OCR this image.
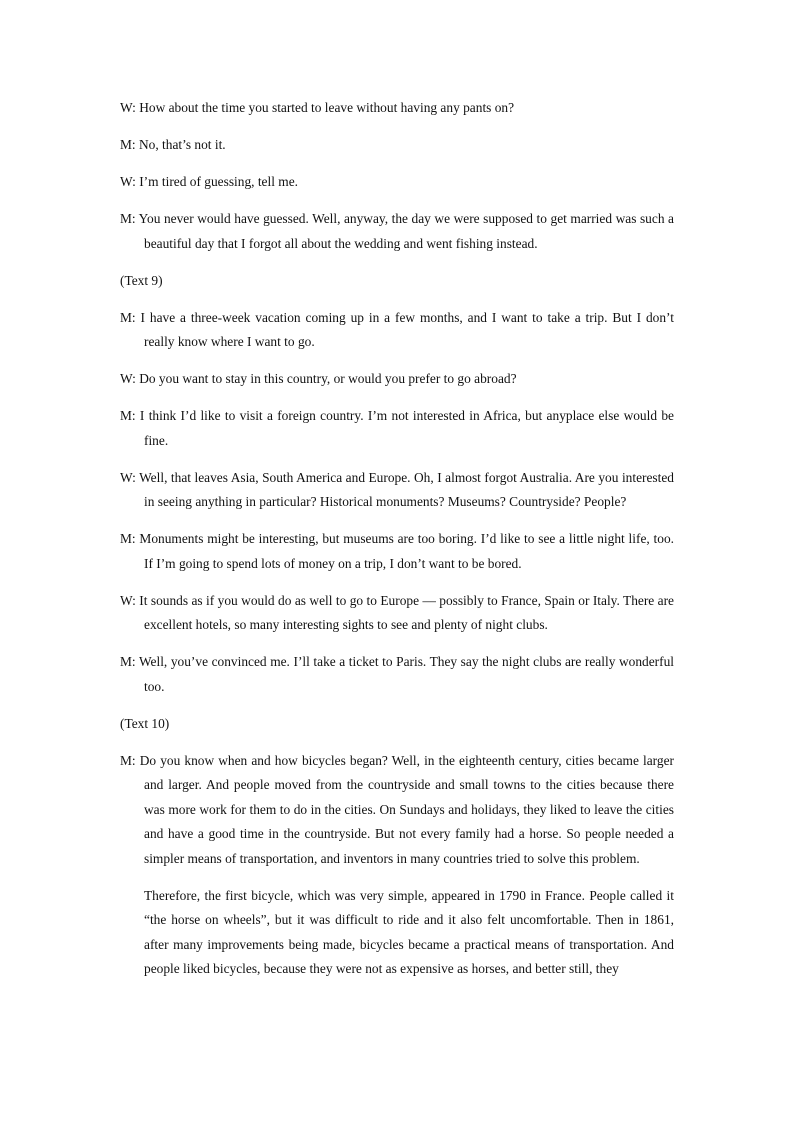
W: How about the time you started to leave without having any pants on?

M: No, that’s not it.

W: I’m tired of guessing, tell me.

M: You never would have guessed. Well, anyway, the day we were supposed to get married was such a beautiful day that I forgot all about the wedding and went fishing instead.

(Text 9)

M: I have a three-week vacation coming up in a few months, and I want to take a trip. But I don’t really know where I want to go.

W: Do you want to stay in this country, or would you prefer to go abroad?

M: I think I’d like to visit a foreign country. I’m not interested in Africa, but anyplace else would be fine.

W: Well, that leaves Asia, South America and Europe. Oh, I almost forgot Australia. Are you interested in seeing anything in particular? Historical monuments? Museums? Countryside? People?

M: Monuments might be interesting, but museums are too boring. I’d like to see a little night life, too. If I’m going to spend lots of money on a trip, I don’t want to be bored.

W: It sounds as if you would do as well to go to Europe — possibly to France, Spain or Italy. There are excellent hotels, so many interesting sights to see and plenty of night clubs.

M: Well, you’ve convinced me. I’ll take a ticket to Paris. They say the night clubs are really wonderful too.

(Text 10)

M: Do you know when and how bicycles began? Well, in the eighteenth century, cities became larger and larger. And people moved from the countryside and small towns to the cities because there was more work for them to do in the cities. On Sundays and holidays, they liked to leave the cities and have a good time in the countryside. But not every family had a horse. So people needed a simpler means of transportation, and inventors in many countries tried to solve this problem.

Therefore, the first bicycle, which was very simple, appeared in 1790 in France. People called it “the horse on wheels”, but it was difficult to ride and it also felt uncomfortable. Then in 1861, after many improvements being made, bicycles became a practical means of transportation. And people liked bicycles, because they were not as expensive as horses, and better still, they
